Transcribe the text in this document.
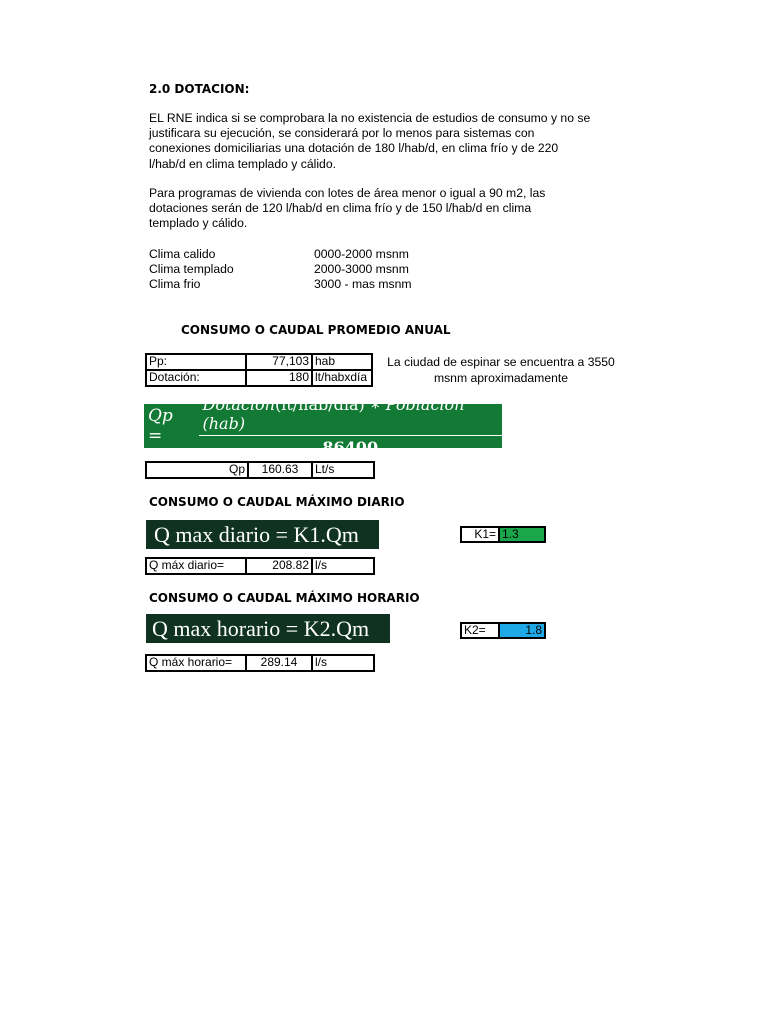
2.0 DOTACION:
EL RNE indica si se comprobara la no existencia de estudios de consumo y no se
justificara su ejecución, se considerará por lo menos para sistemas con
conexiones domiciliarias una dotación de 180 l/hab/d, en clima frío y de 220
l/hab/d en clima templado y cálido.
Para programas de vivienda con lotes de área menor o igual a 90 m2, las
dotaciones serán de 120 l/hab/d en clima frío y de 150 l/hab/d en clima
templado y cálido.
Clima calido	0000-2000 msnm
Clima templado	2000-3000 msnm
Clima frio	3000 - mas msnm
CONSUMO O CAUDAL PROMEDIO ANUAL
Pp:	77,103 hab
Dotación:	180 lt/habxdía
La ciudad de espinar se encuentra a 3550
msnm aproximadamente
Qp =	$\frac{\text{Dotación(lt/hab/día) ∗ Población (hab)}}{86400}$
Qp	160.63	Lt/s
CONSUMO O CAUDAL MÁXIMO DIARIO
Q max diario = K1.Qm	K1= 1.3
Q máx diario=	208.82 l/s
CONSUMO O CAUDAL MÁXIMO HORARIO
Q max horario = K2.Qm	K2=	1.8
Q máx horario=	289.14	l/s
